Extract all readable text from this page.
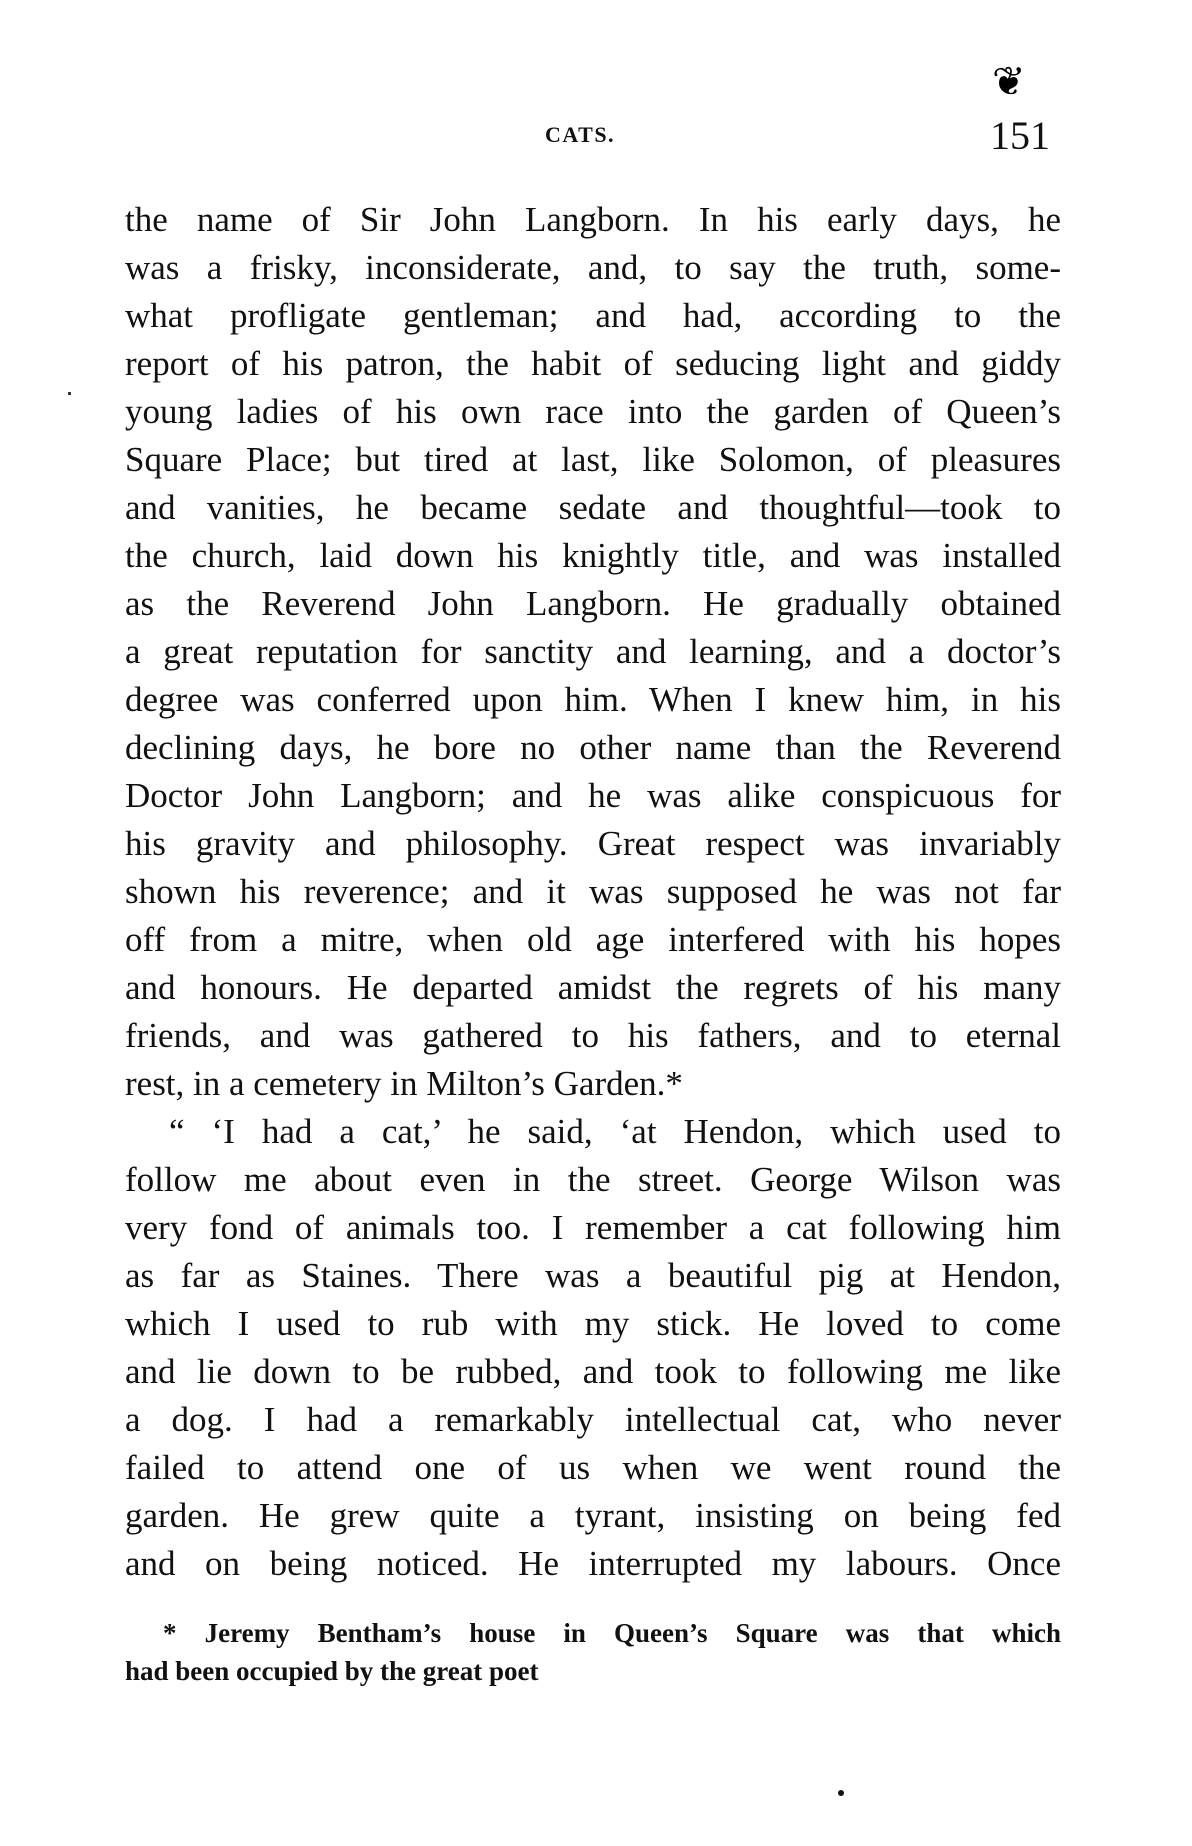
❦
CATS.	151
the name of Sir John Langborn. In his early days, he
was a frisky, inconsiderate, and, to say the truth, some-
what profligate gentleman; and had, according to the
report of his patron, the habit of seducing light and giddy
young ladies of his own race into the garden of Queen’s
Square Place; but tired at last, like Solomon, of pleasures
and vanities, he became sedate and thoughtful—took to
the church, laid down his knightly title, and was installed
as the Reverend John Langborn. He gradually obtained
a great reputation for sanctity and learning, and a doctor’s
degree was conferred upon him. When I knew him, in his
declining days, he bore no other name than the Reverend
Doctor John Langborn; and he was alike conspicuous for
his gravity and philosophy. Great respect was invariably
shown his reverence; and it was supposed he was not far
off from a mitre, when old age interfered with his hopes
and honours. He departed amidst the regrets of his many
friends, and was gathered to his fathers, and to eternal
rest, in a cemetery in Milton’s Garden.*
“ ‘I had a cat,’ he said, ‘at Hendon, which used to
follow me about even in the street. George Wilson was
very fond of animals too. I remember a cat following him
as far as Staines. There was a beautiful pig at Hendon,
which I used to rub with my stick. He loved to come
and lie down to be rubbed, and took to following me like
a dog. I had a remarkably intellectual cat, who never
failed to attend one of us when we went round the
garden. He grew quite a tyrant, insisting on being fed
and on being noticed. He interrupted my labours. Once
* Jeremy Bentham’s house in Queen’s Square was that which
had been occupied by the great poet
